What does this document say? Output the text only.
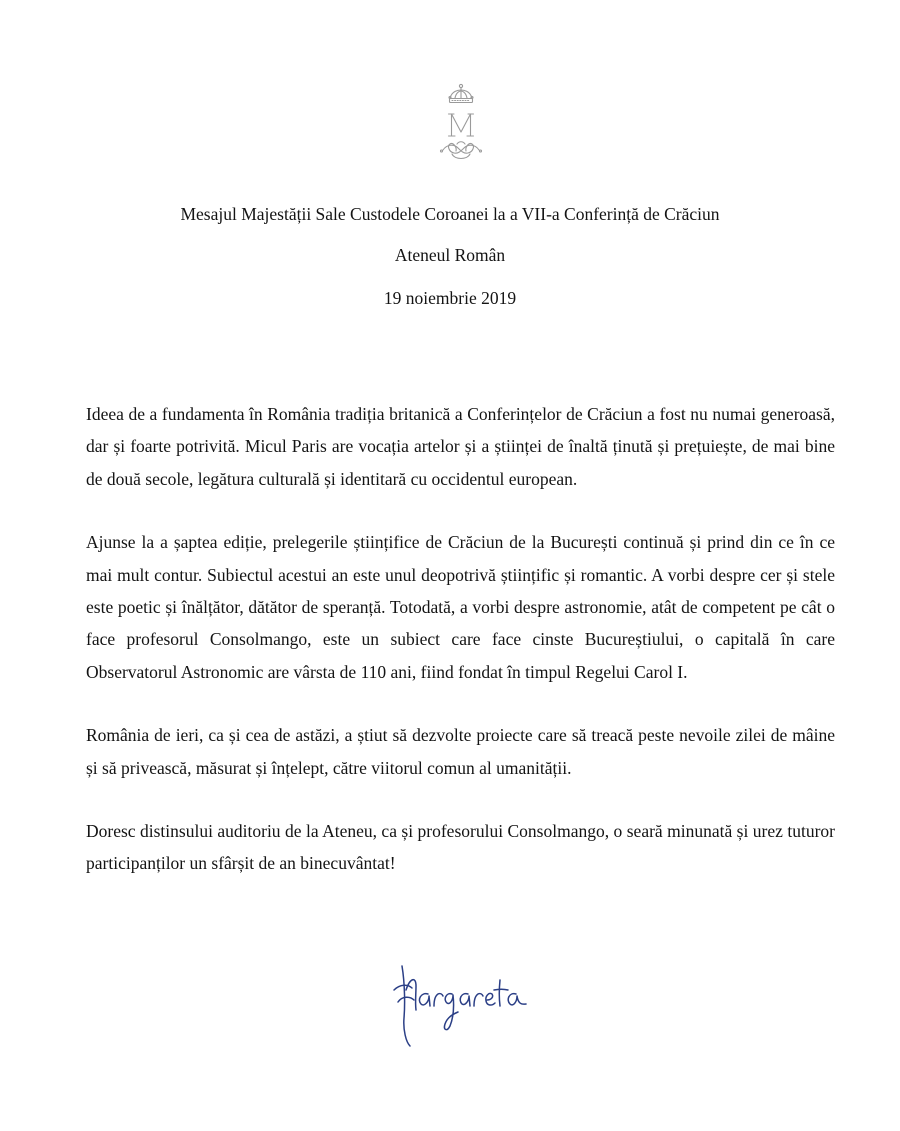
Mesajul Majestății Sale Custodele Coroanei la a VII-a Conferință de Crăciun

Ateneul Român

19 noiembrie 2019

Ideea de a fundamenta în România tradiția britanică a Conferințelor de Crăciun a fost nu numai generoasă, dar și foarte potrivită. Micul Paris are vocația artelor și a științei de înaltă ținută și prețuiește, de mai bine de două secole, legătura culturală și identitară cu occidentul european.

Ajunse la a șaptea ediție, prelegerile științifice de Crăciun de la București continuă și prind din ce în ce mai mult contur. Subiectul acestui an este unul deopotrivă științific și romantic. A vorbi despre cer și stele este poetic și înălțător, dătător de speranță. Totodată, a vorbi despre astronomie, atât de competent pe cât o face profesorul Consolmango, este un subiect care face cinste Bucureștiului, o capitală în care Observatorul Astronomic are vârsta de 110 ani, fiind fondat în timpul Regelui Carol I.

România de ieri, ca și cea de astăzi, a știut să dezvolte proiecte care să treacă peste nevoile zilei de mâine și să privească, măsurat și înțelept, către viitorul comun al umanității.

Doresc distinsului auditoriu de la Ateneu, ca și profesorului Consolmango, o seară minunată și urez tuturor participanților un sfârșit de an binecuvântat!
